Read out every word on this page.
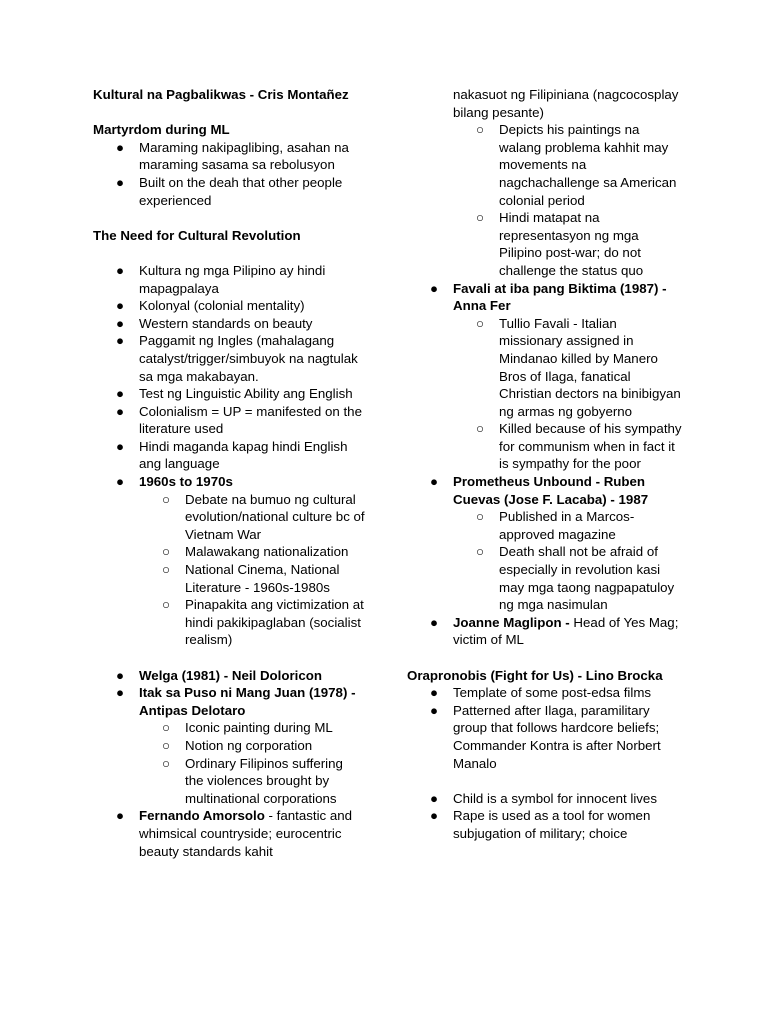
Kultural na Pagbalikwas - Cris Montañez

Martyrdom during ML

● Maraming nakipaglibing, asahan na maraming sasama sa rebolusyon
● Built on the deah that other people experienced

The Need for Cultural Revolution

● Kultura ng mga Pilipino ay hindi mapagpalaya
● Kolonyal (colonial mentality)
● Western standards on beauty
● Paggamit ng Ingles (mahalagang catalyst/trigger/simbuyok na nagtulak sa mga makabayan.
● Test ng Linguistic Ability ang English
● Colonialism = UP = manifested on the literature used
● Hindi maganda kapag hindi English ang language
● 1960s to 1970s
○ Debate na bumuo ng cultural evolution/national culture bc of Vietnam War
○ Malawakang nationalization
○ National Cinema, National Literature - 1960s-1980s
○ Pinapakita ang victimization at hindi pakikipaglaban (socialist realism)
● Welga (1981) - Neil Doloricon
● Itak sa Puso ni Mang Juan (1978) - Antipas Delotaro
○ Iconic painting during ML
○ Notion ng corporation
○ Ordinary Filipinos suffering the violences brought by multinational corporations
● Fernando Amorsolo - fantastic and whimsical countryside; eurocentric beauty standards kahit
nakasuot ng Filipiniana (nagcocosplay bilang pesante)
○ Depicts his paintings na walang problema kahhit may movements na nagchachallenge sa American colonial period
○ Hindi matapat na representasyon ng mga Pilipino post-war; do not challenge the status quo
● Favali at iba pang Biktima (1987) - Anna Fer
○ Tullio Favali - Italian missionary assigned in Mindanao killed by Manero Bros of Ilaga, fanatical Christian dectors na binibigyan ng armas ng gobyerno
○ Killed because of his sympathy for communism when in fact it is sympathy for the poor
● Prometheus Unbound - Ruben Cuevas (Jose F. Lacaba) - 1987
○ Published in a Marcos-approved magazine
○ Death shall not be afraid of especially in revolution kasi may mga taong nagpapatuloy ng mga nasimulan
● Joanne Maglipon - Head of Yes Mag; victim of ML

Orapronobis (Fight for Us) - Lino Brocka

● Template of some post-edsa films
● Patterned after Ilaga, paramilitary group that follows hardcore beliefs; Commander Kontra is after Norbert Manalo
● Child is a symbol for innocent lives
● Rape is used as a tool for women subjugation of military; choice
